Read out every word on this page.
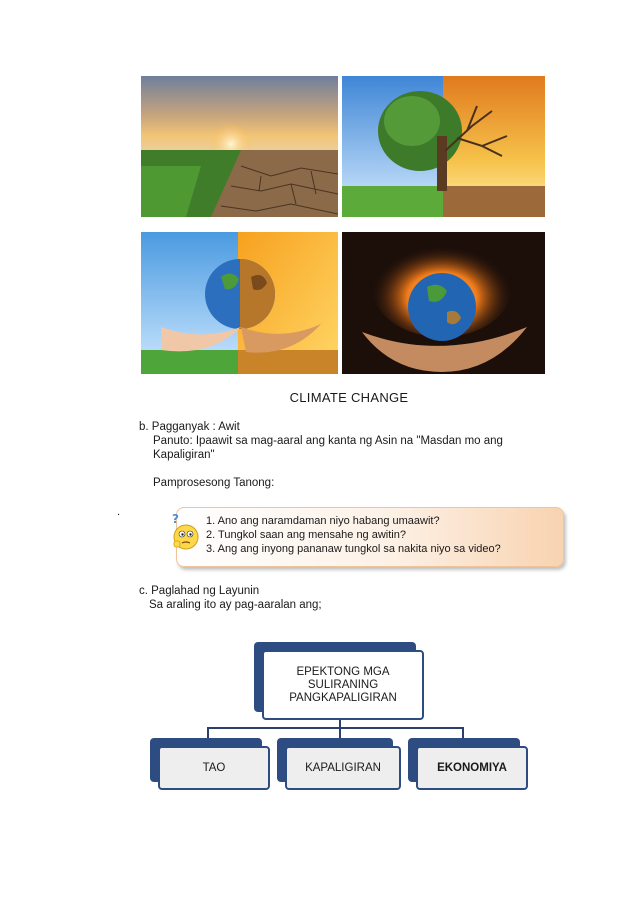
CLIMATE CHANGE
b. Pagganyak : Awit
Panuto: Ipaawit sa mag-aaral ang kanta ng Asin na "Masdan mo ang
Kapaligiran"
Pamprosesong Tanong:
.	? 1. Ano ang naramdaman niyo habang umaawit?
2. Tungkol saan ang mensahe ng awitin?
3. Ang ang inyong pananaw tungkol sa nakita niyo sa video?
c. Paglahad ng Layunin
Sa araling ito ay pag-aaralan ang;
EPEKTONG MGA
SULIRANING
PANGKAPALIGIRAN
TAO	KAPALIGIRAN	EKONOMIYA
